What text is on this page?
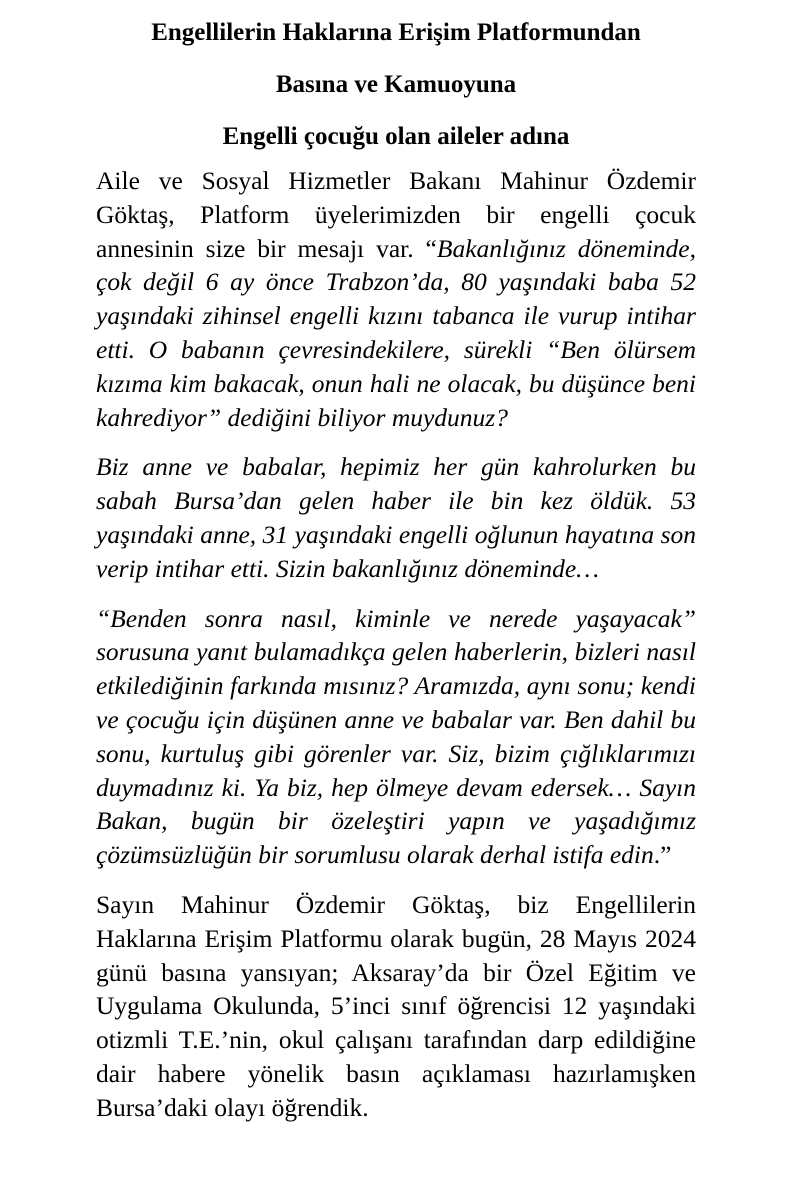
Engellilerin Haklarına Erişim Platformundan

Basına ve Kamuoyuna

Engelli çocuğu olan aileler adına

Aile ve Sosyal Hizmetler Bakanı Mahinur Özdemir Göktaş, Platform üyelerimizden bir engelli çocuk annesinin size bir mesajı var. “Bakanlığınız döneminde, çok değil 6 ay önce Trabzon’da, 80 yaşındaki baba 52 yaşındaki zihinsel engelli kızını tabanca ile vurup intihar etti. O babanın çevresindekilere, sürekli “Ben ölürsem kızıma kim bakacak, onun hali ne olacak, bu düşünce beni kahrediyor” dediğini biliyor muydunuz?

Biz anne ve babalar, hepimiz her gün kahrolurken bu sabah Bursa’dan gelen haber ile bin kez öldük. 53 yaşındaki anne, 31 yaşındaki engelli oğlunun hayatına son verip intihar etti. Sizin bakanlığınız döneminde…

“Benden sonra nasıl, kiminle ve nerede yaşayacak” sorusuna yanıt bulamadıkça gelen haberlerin, bizleri nasıl etkilediğinin farkında mısınız? Aramızda, aynı sonu; kendi ve çocuğu için düşünen anne ve babalar var. Ben dahil bu sonu, kurtuluş gibi görenler var. Siz, bizim çığlıklarımızı duymadınız ki. Ya biz, hep ölmeye devam edersek… Sayın Bakan, bugün bir özeleştiri yapın ve yaşadığımız çözümsüzlüğün bir sorumlusu olarak derhal istifa edin.”

Sayın Mahinur Özdemir Göktaş, biz Engellilerin Haklarına Erişim Platformu olarak bugün, 28 Mayıs 2024 günü basına yansıyan; Aksaray’da bir Özel Eğitim ve Uygulama Okulunda, 5’inci sınıf öğrencisi 12 yaşındaki otizmli T.E.’nin, okul çalışanı tarafından darp edildiğine dair habere yönelik basın açıklaması hazırlamışken Bursa’daki olayı öğrendik.
